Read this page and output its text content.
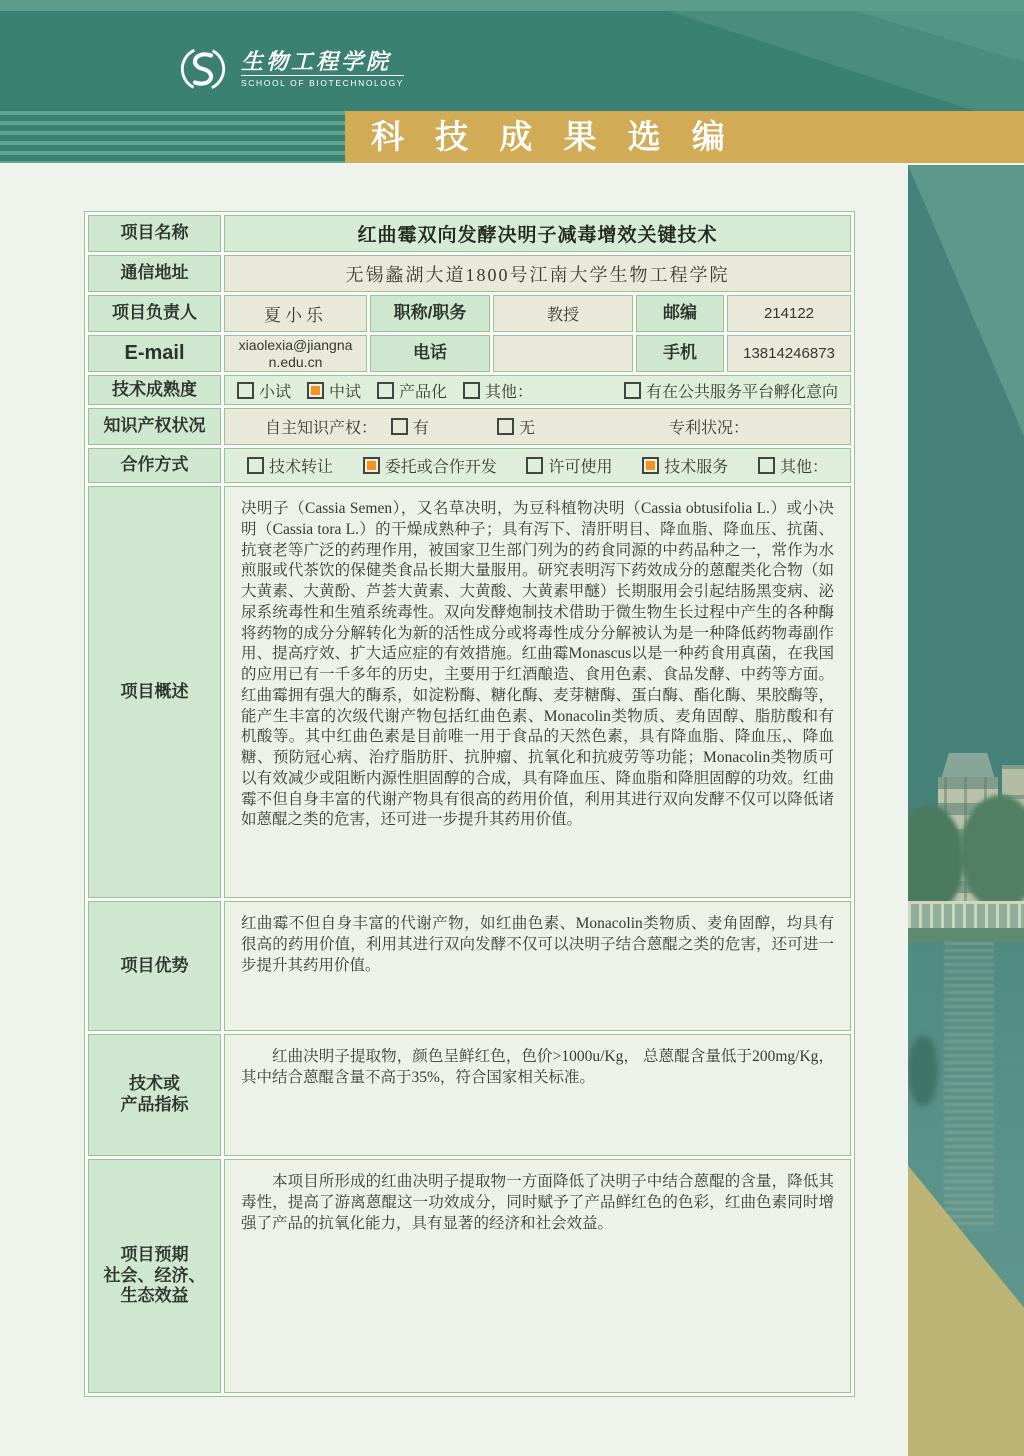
生物工程学院
SCHOOL OF BIOTECHNOLOGY
科 技 成 果 选 编
项目名称	红曲霉双向发酵决明子减毒增效关键技术
通信地址	无锡蠡湖大道1800号江南大学生物工程学院
项目负责人	夏小乐	职称/职务	教授	邮编	214122
E-mail	xiaolexia@jiangnan.edu.cn	电话	手机	13814246873
技术成熟度	小试 中试 产品化 其他：	有在公共服务平台孵化意向
知识产权状况	自主知识产权： 有	无	专利状况：
合作方式	技术转让	委托或合作开发	许可使用	技术服务	其他：
项目概述

决明子（Cassia Semen），又名草决明，为豆科植物决明（Cassia obtusifolia L.）或小决明（Cassia tora L.）的干燥成熟种子；具有泻下、清肝明目、降血脂、降血压、抗菌、抗衰老等广泛的药理作用，被国家卫生部门列为的药食同源的中药品种之一，常作为水煎服或代茶饮的保健类食品长期大量服用。研究表明泻下药效成分的蒽醌类化合物（如大黄素、大黄酚、芦荟大黄素、大黄酸、大黄素甲醚）长期服用会引起结肠黑变病、泌尿系统毒性和生殖系统毒性。双向发酵炮制技术借助于微生物生长过程中产生的各种酶将药物的成分分解转化为新的活性成分或将毒性成分分解被认为是一种降低药物毒副作用、提高疗效、扩大适应症的有效措施。红曲霉Monascus以是一种药食用真菌，在我国的应用已有一千多年的历史，主要用于红酒酿造、食用色素、食品发酵、中药等方面。红曲霉拥有强大的酶系，如淀粉酶、糖化酶、麦芽糖酶、蛋白酶、酯化酶、果胶酶等，能产生丰富的次级代谢产物包括红曲色素、Monacolin类物质、麦角固醇、脂肪酸和有机酸等。其中红曲色素是目前唯一用于食品的天然色素，具有降血脂、降血压,、降血糖、预防冠心病、治疗脂肪肝、抗肿瘤、抗氧化和抗疲劳等功能；Monacolin类物质可以有效减少或阻断内源性胆固醇的合成，具有降血压、降血脂和降胆固醇的功效。红曲霉不但自身丰富的代谢产物具有很高的药用价值，利用其进行双向发酵不仅可以降低诸如蒽醌之类的危害，还可进一步提升其药用价值。

项目优势

红曲霉不但自身丰富的代谢产物，如红曲色素、Monacolin类物质、麦角固醇，均具有很高的药用价值，利用其进行双向发酵不仅可以决明子结合蒽醌之类的危害，还可进一步提升其药用价值。

技术或
产品指标

红曲决明子提取物，颜色呈鲜红色，色价>1000u/Kg， 总蒽醌含量低于200mg/Kg，其中结合蒽醌含量不高于35%，符合国家相关标准。

项目预期
社会、经济、
生态效益

本项目所形成的红曲决明子提取物一方面降低了决明子中结合蒽醌的含量，降低其毒性，提高了游离蒽醌这一功效成分，同时赋予了产品鲜红色的色彩，红曲色素同时增强了产品的抗氧化能力，具有显著的经济和社会效益。
